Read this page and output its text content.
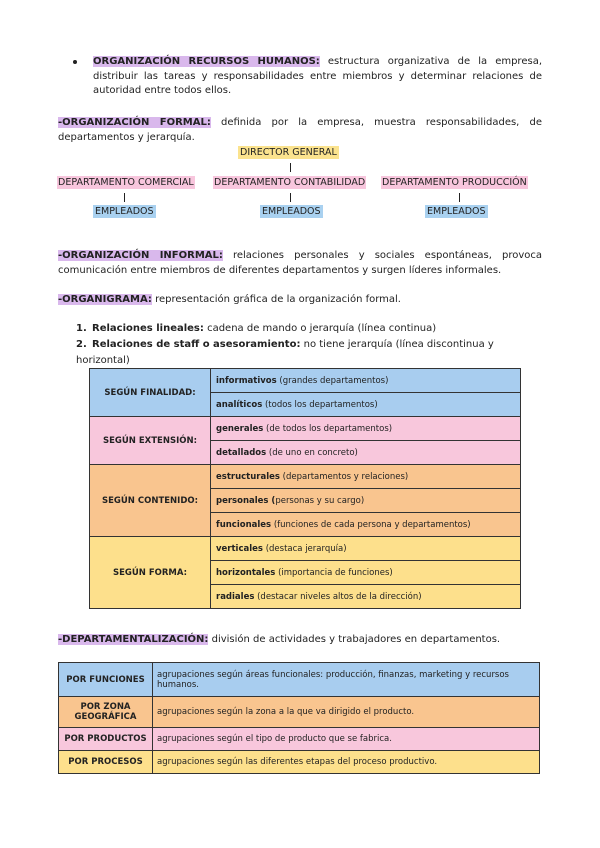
ORGANIZACIÓN RECURSOS HUMANOS: estructura organizativa de la empresa, distribuir las tareas y responsabilidades entre miembros y determinar relaciones de autoridad entre todos ellos.
-ORGANIZACIÓN FORMAL: definida por la empresa, muestra responsabilidades, de departamentos y jerarquía.
DIRECTOR GENERAL
DEPARTAMENTO COMERCIAL DEPARTAMENTO CONTABILIDAD DEPARTAMENTO PRODUCCIÓN
EMPLEADOS	EMPLEADOS	EMPLEADOS
-ORGANIZACIÓN INFORMAL: relaciones personales y sociales espontáneas, provoca comunicación entre miembros de diferentes departamentos y surgen líderes informales.
-ORGANIGRAMA: representación gráfica de la organización formal.
1. Relaciones lineales: cadena de mando o jerarquía (línea continua)
2. Relaciones de staff o asesoramiento: no tiene jerarquía (línea discontinua y horizontal)
SEGÚN FINALIDAD:	informativos (grandes departamentos)
	analíticos (todos los departamentos)
SEGÚN EXTENSIÓN:	generales (de todos los departamentos)
	detallados (de uno en concreto)
SEGÚN CONTENIDO:	estructurales (departamentos y relaciones)
	personales (personas y su cargo)
	funcionales (funciones de cada persona y departamentos)
SEGÚN FORMA:	verticales (destaca jerarquía)
	horizontales (importancia de funciones)
	radiales (destacar niveles altos de la dirección)
-DEPARTAMENTALIZACIÓN: división de actividades y trabajadores en departamentos.
POR FUNCIONES	agrupaciones según áreas funcionales: producción, finanzas, marketing y recursos humanos.
POR ZONA GEOGRÁFICA	agrupaciones según la zona a la que va dirigido el producto.
POR PRODUCTOS	agrupaciones según el tipo de producto que se fabrica.
POR PROCESOS	agrupaciones según las diferentes etapas del proceso productivo.
